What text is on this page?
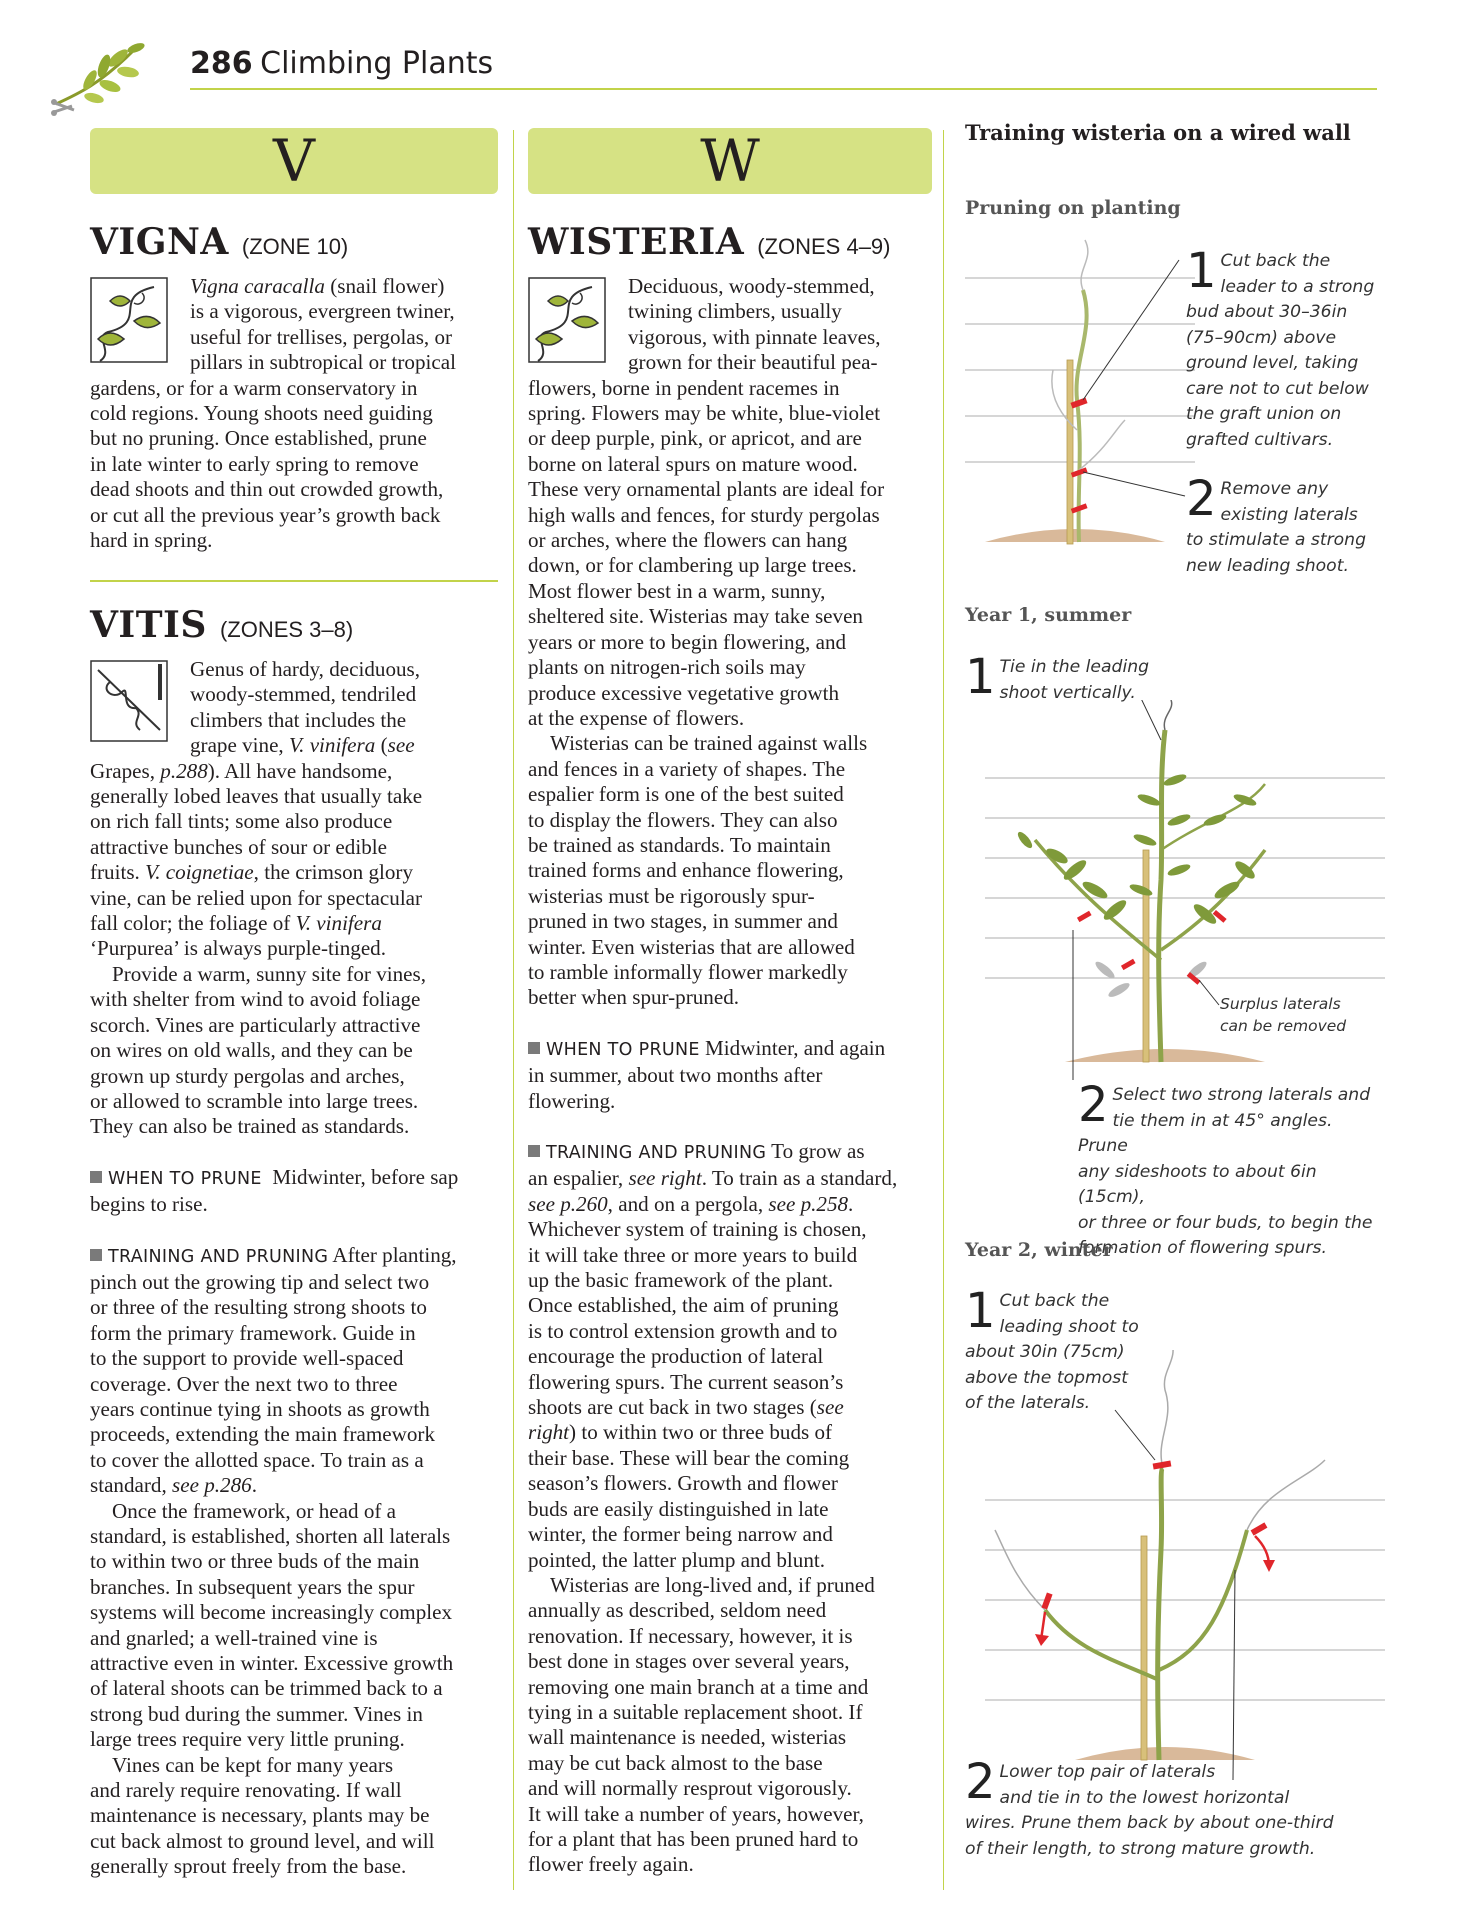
286 Climbing Plants
V
VIGNA (ZONE 10)

Vigna caracalla (snail flower)

is a vigorous, evergreen twiner,

useful for trellises, pergolas, or

pillars in subtropical or tropical

gardens, or for a warm conservatory in

cold regions. Young shoots need guiding

but no pruning. Once established, prune

in late winter to early spring to remove

dead shoots and thin out crowded growth,

or cut all the previous year’s growth back

hard in spring.

VITIS (ZONES 3–8)

Genus of hardy, deciduous,

woody-stemmed, tendriled

climbers that includes the

grape vine, V. vinifera (see

Grapes, p.288). All have handsome,

generally lobed leaves that usually take

on rich fall tints; some also produce

attractive bunches of sour or edible

fruits. V. coignetiae, the crimson glory

vine, can be relied upon for spectacular

fall color; the foliage of V. vinifera

‘Purpurea’ is always purple-tinged.

Provide a warm, sunny site for vines,

with shelter from wind to avoid foliage

scorch. Vines are particularly attractive

on wires on old walls, and they can be

grown up sturdy pergolas and arches,

or allowed to scramble into large trees.

They can also be trained as standards.

WHEN TO PRUNE  Midwinter, before sap

begins to rise.

TRAINING AND PRUNING After planting,

pinch out the growing tip and select two

or three of the resulting strong shoots to

form the primary framework. Guide in

to the support to provide well-spaced

coverage. Over the next two to three

years continue tying in shoots as growth

proceeds, extending the main framework

to cover the allotted space. To train as a

standard, see p.286.

Once the framework, or head of a

standard, is established, shorten all laterals

to within two or three buds of the main

branches. In subsequent years the spur

systems will become increasingly complex

and gnarled; a well-trained vine is

attractive even in winter. Excessive growth

of lateral shoots can be trimmed back to a

strong bud during the summer. Vines in

large trees require very little pruning.

Vines can be kept for many years

and rarely require renovating. If wall

maintenance is necessary, plants may be

cut back almost to ground level, and will

generally sprout freely from the base.

W
WISTERIA (ZONES 4–9)

Deciduous, woody-stemmed,

twining climbers, usually

vigorous, with pinnate leaves,

grown for their beautiful pea-

flowers, borne in pendent racemes in

spring. Flowers may be white, blue-violet

or deep purple, pink, or apricot, and are

borne on lateral spurs on mature wood.

These very ornamental plants are ideal for

high walls and fences, for sturdy pergolas

or arches, where the flowers can hang

down, or for clambering up large trees.

Most flower best in a warm, sunny,

sheltered site. Wisterias may take seven

years or more to begin flowering, and

plants on nitrogen-rich soils may

produce excessive vegetative growth

at the expense of flowers.

Wisterias can be trained against walls

and fences in a variety of shapes. The

espalier form is one of the best suited

to display the flowers. They can also

be trained as standards. To maintain

trained forms and enhance flowering,

wisterias must be rigorously spur-

pruned in two stages, in summer and

winter. Even wisterias that are allowed

to ramble informally flower markedly

better when spur-pruned.

WHEN TO PRUNE Midwinter, and again

in summer, about two months after

flowering.

TRAINING AND PRUNING To grow as

an espalier, see right. To train as a standard,

see p.260, and on a pergola, see p.258.

Whichever system of training is chosen,

it will take three or more years to build

up the basic framework of the plant.

Once established, the aim of pruning

is to control extension growth and to

encourage the production of lateral

flowering spurs. The current season’s

shoots are cut back in two stages (see

right) to within two or three buds of

their base. These will bear the coming

season’s flowers. Growth and flower

buds are easily distinguished in late

winter, the former being narrow and

pointed, the latter plump and blunt.

Wisterias are long-lived and, if pruned

annually as described, seldom need

renovation. If necessary, however, it is

best done in stages over several years,

removing one main branch at a time and

tying in a suitable replacement shoot. If

wall maintenance is needed, wisterias

may be cut back almost to the base

and will normally resprout vigorously.

It will take a number of years, however,

for a plant that has been pruned hard to

flower freely again.

Training wisteria on a wired wall
Pruning on planting
1 Cut back the

leader to a strong

bud about 30–36in

(75–90cm) above

ground level, taking

care not to cut below

the graft union on

grafted cultivars.

2 Remove any

existing laterals

to stimulate a strong

new leading shoot.

Year 1, summer
1 Tie in the leading

shoot vertically.

Surplus laterals

can be removed

2 Select two strong laterals and

tie them in at 45° angles. Prune

any sideshoots to about 6in (15cm),

or three or four buds, to begin the

formation of flowering spurs.

Year 2, winter
1 Cut back the

leading shoot to

about 30in (75cm)

above the topmost

of the laterals.

2 Lower top pair of laterals

and tie in to the lowest horizontal

wires. Prune them back by about one-third

of their length, to strong mature growth.
